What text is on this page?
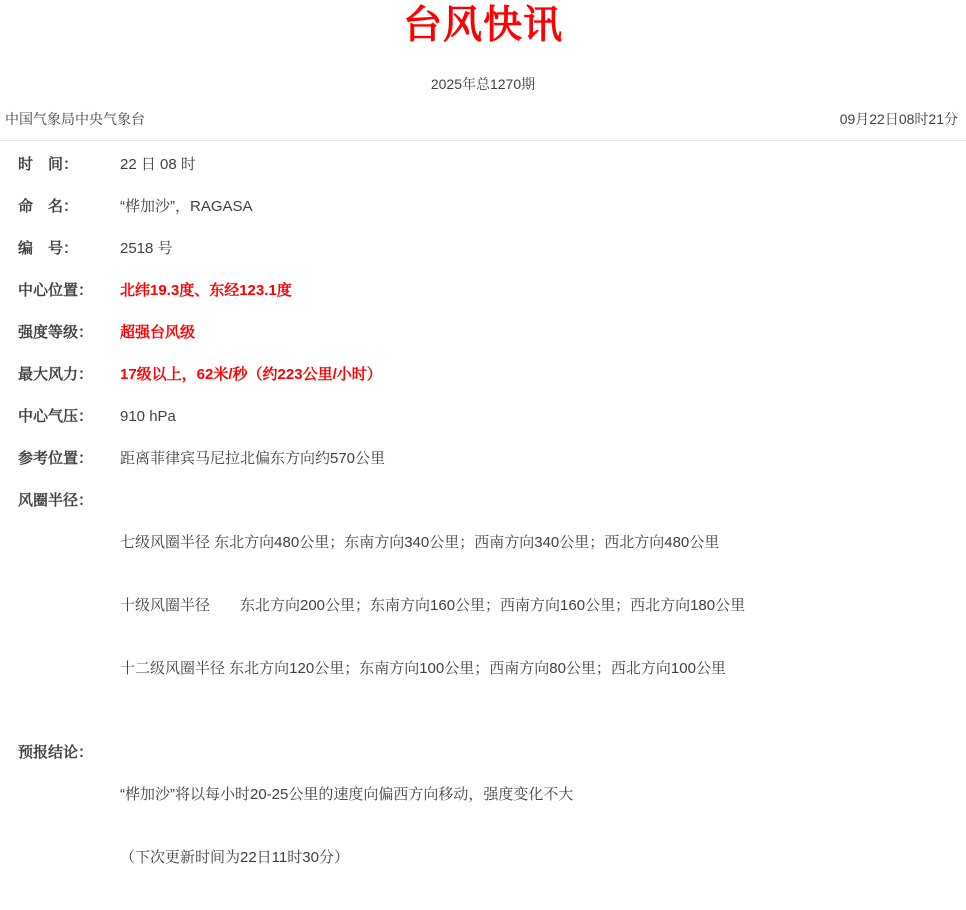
台风快讯
2025年总1270期
中国气象局中央气象台	09月22日08时21分
时　间：	22 日 08 时
命　名：	“桦加沙”，RAGASA
编　号：	2518 号
中心位置：	北纬19.3度、东经123.1度
强度等级：	超强台风级
最大风力：	17级以上，62米/秒（约223公里/小时）
中心气压：	910 hPa
参考位置：	距离菲律宾马尼拉北偏东方向约570公里
风圈半径：

七级风圈半径 东北方向480公里；东南方向340公里；西南方向340公里；西北方向480公里

十级风圈半径　　东北方向200公里；东南方向160公里；西南方向160公里；西北方向180公里

十二级风圈半径 东北方向120公里；东南方向100公里；西南方向80公里；西北方向100公里

预报结论：

“桦加沙”将以每小时20-25公里的速度向偏西方向移动，强度变化不大

（下次更新时间为22日11时30分）
